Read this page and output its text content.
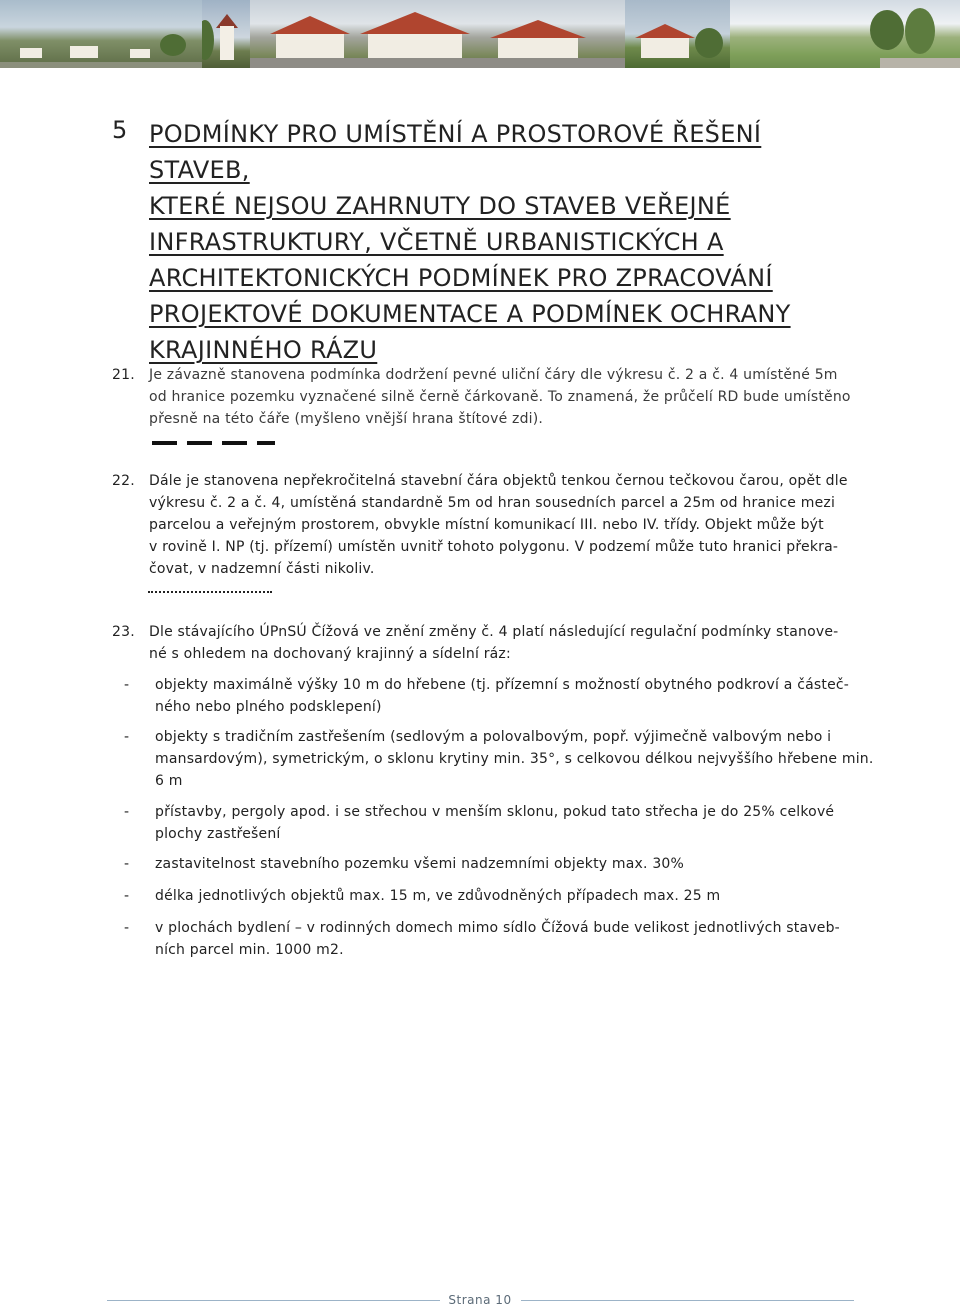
5 PODMÍNKY PRO UMÍSTĚNÍ A PROSTOROVÉ ŘEŠENÍ STAVEB,
KTERÉ NEJSOU ZAHRNUTY DO STAVEB VEŘEJNÉ
INFRASTRUKTURY, VČETNĚ URBANISTICKÝCH A
ARCHITEKTONICKÝCH PODMÍNEK PRO ZPRACOVÁNÍ
PROJEKTOVÉ DOKUMENTACE A PODMÍNEK OCHRANY
KRAJINNÉHO RÁZU
21. Je závazně stanovena podmínka dodržení pevné uliční čáry dle výkresu č. 2 a č. 4 umístěné 5m
od hranice pozemku vyznačené silně černě čárkovaně. To znamená, že průčelí RD bude umístěno
přesně na této čáře (myšleno vnější hrana štítové zdi).
22. Dále je stanovena nepřekročitelná stavební čára objektů tenkou černou tečkovou čarou, opět dle
výkresu č. 2 a č. 4, umístěná standardně 5m od hran sousedních parcel a 25m od hranice mezi
parcelou a veřejným prostorem, obvykle místní komunikací III. nebo IV. třídy. Objekt může být
v rovině I. NP (tj. přízemí) umístěn uvnitř tohoto polygonu. V podzemí může tuto hranici překra-
čovat, v nadzemní části nikoliv.
23. Dle stávajícího ÚPnSÚ Čížová ve znění změny č. 4 platí následující regulační podmínky stanove-
né s ohledem na dochovaný krajinný a sídelní ráz:
- objekty maximálně výšky 10 m do hřebene (tj. přízemní s možností obytného podkroví a částeč-
ného nebo plného podsklepení)
- objekty s tradičním zastřešením (sedlovým a polovalbovým, popř. výjimečně valbovým nebo i
mansardovým), symetrickým, o sklonu krytiny min. 35°, s celkovou délkou nejvyššího hřebene min.
6 m
- přístavby, pergoly apod. i se střechou v menším sklonu, pokud tato střecha je do 25% celkové
plochy zastřešení
- zastavitelnost stavebního pozemku všemi nadzemními objekty max. 30%
- délka jednotlivých objektů max. 15 m, ve zdůvodněných případech max. 25 m
- v plochách bydlení – v rodinných domech mimo sídlo Čížová bude velikost jednotlivých staveb-
ních parcel min. 1000 m2.
Strana 10
